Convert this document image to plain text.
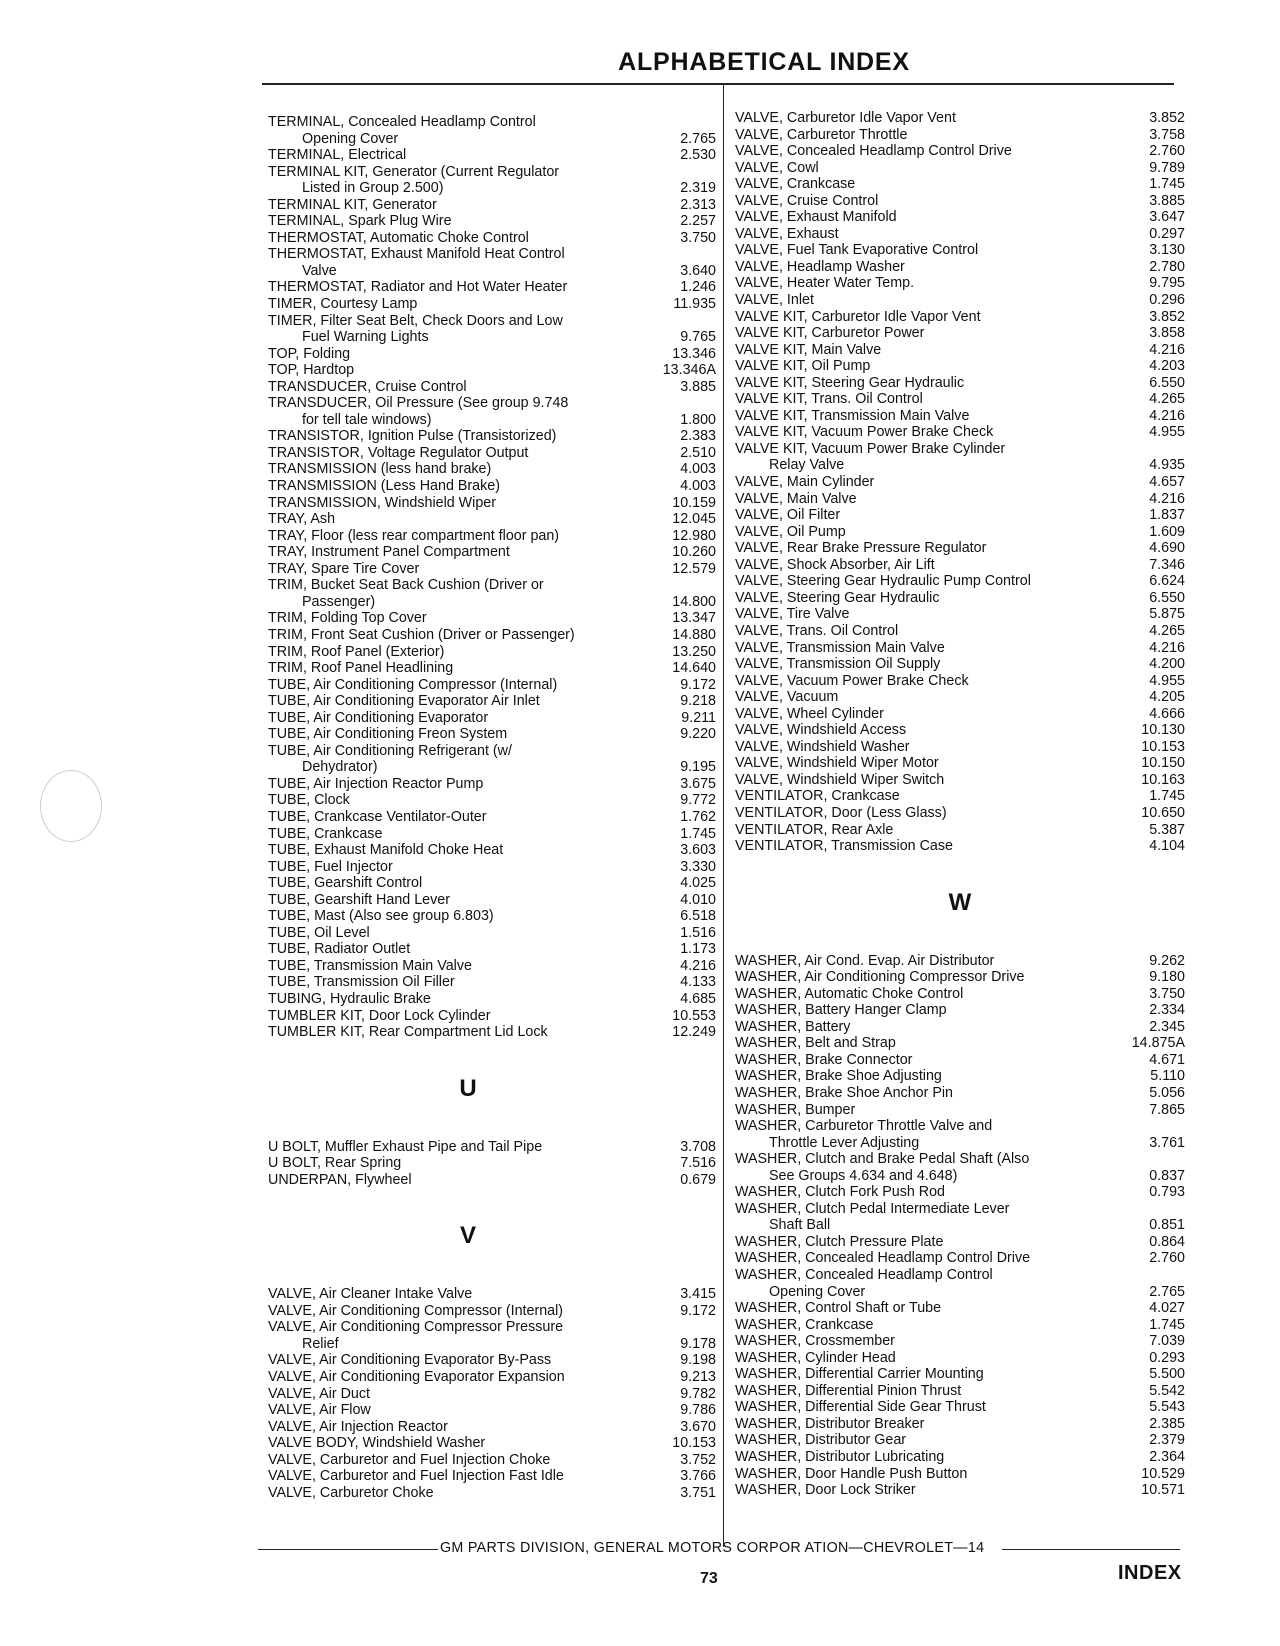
ALPHABETICAL INDEX
TERMINAL, Concealed Headlamp Control
Opening Cover	2.765
TERMINAL, Electrical	2.530
TERMINAL KIT, Generator (Current Regulator
Listed in Group 2.500)	2.319
TERMINAL KIT, Generator	2.313
TERMINAL, Spark Plug Wire	2.257
THERMOSTAT, Automatic Choke Control	3.750
THERMOSTAT, Exhaust Manifold Heat Control
Valve	3.640
THERMOSTAT, Radiator and Hot Water Heater	1.246
TIMER, Courtesy Lamp	11.935
TIMER, Filter Seat Belt, Check Doors and Low
Fuel Warning Lights	9.765
TOP, Folding	13.346
TOP, Hardtop	13.346A
TRANSDUCER, Cruise Control	3.885
TRANSDUCER, Oil Pressure (See group 9.748
for tell tale windows)	1.800
TRANSISTOR, Ignition Pulse (Transistorized)	2.383
TRANSISTOR, Voltage Regulator Output	2.510
TRANSMISSION (less hand brake)	4.003
TRANSMISSION (Less Hand Brake)	4.003
TRANSMISSION, Windshield Wiper	10.159
TRAY, Ash	12.045
TRAY, Floor (less rear compartment floor pan)	12.980
TRAY, Instrument Panel Compartment	10.260
TRAY, Spare Tire Cover	12.579
TRIM, Bucket Seat Back Cushion (Driver or
Passenger)	14.800
TRIM, Folding Top Cover	13.347
TRIM, Front Seat Cushion (Driver or Passenger)	14.880
TRIM, Roof Panel (Exterior)	13.250
TRIM, Roof Panel Headlining	14.640
TUBE, Air Conditioning Compressor (Internal)	9.172
TUBE, Air Conditioning Evaporator Air Inlet	9.218
TUBE, Air Conditioning Evaporator	9.211
TUBE, Air Conditioning Freon System	9.220
TUBE, Air Conditioning Refrigerant (w/
Dehydrator)	9.195
TUBE, Air Injection Reactor Pump	3.675
TUBE, Clock	9.772
TUBE, Crankcase Ventilator-Outer	1.762
TUBE, Crankcase	1.745
TUBE, Exhaust Manifold Choke Heat	3.603
TUBE, Fuel Injector	3.330
TUBE, Gearshift Control	4.025
TUBE, Gearshift Hand Lever	4.010
TUBE, Mast (Also see group 6.803)	6.518
TUBE, Oil Level	1.516
TUBE, Radiator Outlet	1.173
TUBE, Transmission Main Valve	4.216
TUBE, Transmission Oil Filler	4.133
TUBING, Hydraulic Brake	4.685
TUMBLER KIT, Door Lock Cylinder	10.553
TUMBLER KIT, Rear Compartment Lid Lock	12.249
U
U BOLT, Muffler Exhaust Pipe and Tail Pipe	3.708
U BOLT, Rear Spring	7.516
UNDERPAN, Flywheel	0.679
V
VALVE, Air Cleaner Intake Valve	3.415
VALVE, Air Conditioning Compressor (Internal)	9.172
VALVE, Air Conditioning Compressor Pressure
Relief	9.178
VALVE, Air Conditioning Evaporator By-Pass	9.198
VALVE, Air Conditioning Evaporator Expansion	9.213
VALVE, Air Duct	9.782
VALVE, Air Flow	9.786
VALVE, Air Injection Reactor	3.670
VALVE BODY, Windshield Washer	10.153
VALVE, Carburetor and Fuel Injection Choke	3.752
VALVE, Carburetor and Fuel Injection Fast Idle	3.766
VALVE, Carburetor Choke	3.751
VALVE, Carburetor Idle Vapor Vent	3.852
VALVE, Carburetor Throttle	3.758
VALVE, Concealed Headlamp Control Drive	2.760
VALVE, Cowl	9.789
VALVE, Crankcase	1.745
VALVE, Cruise Control	3.885
VALVE, Exhaust Manifold	3.647
VALVE, Exhaust	0.297
VALVE, Fuel Tank Evaporative Control	3.130
VALVE, Headlamp Washer	2.780
VALVE, Heater Water Temp.	9.795
VALVE, Inlet	0.296
VALVE KIT, Carburetor Idle Vapor Vent	3.852
VALVE KIT, Carburetor Power	3.858
VALVE KIT, Main Valve	4.216
VALVE KIT, Oil Pump	4.203
VALVE KIT, Steering Gear Hydraulic	6.550
VALVE KIT, Trans. Oil Control	4.265
VALVE KIT, Transmission Main Valve	4.216
VALVE KIT, Vacuum Power Brake Check	4.955
VALVE KIT, Vacuum Power Brake Cylinder
Relay Valve	4.935
VALVE, Main Cylinder	4.657
VALVE, Main Valve	4.216
VALVE, Oil Filter	1.837
VALVE, Oil Pump	1.609
VALVE, Rear Brake Pressure Regulator	4.690
VALVE, Shock Absorber, Air Lift	7.346
VALVE, Steering Gear Hydraulic Pump Control	6.624
VALVE, Steering Gear Hydraulic	6.550
VALVE, Tire Valve	5.875
VALVE, Trans. Oil Control	4.265
VALVE, Transmission Main Valve	4.216
VALVE, Transmission Oil Supply	4.200
VALVE, Vacuum Power Brake Check	4.955
VALVE, Vacuum	4.205
VALVE, Wheel Cylinder	4.666
VALVE, Windshield Access	10.130
VALVE, Windshield Washer	10.153
VALVE, Windshield Wiper Motor	10.150
VALVE, Windshield Wiper Switch	10.163
VENTILATOR, Crankcase	1.745
VENTILATOR, Door (Less Glass)	10.650
VENTILATOR, Rear Axle	5.387
VENTILATOR, Transmission Case	4.104
W
WASHER, Air Cond. Evap. Air Distributor	9.262
WASHER, Air Conditioning Compressor Drive	9.180
WASHER, Automatic Choke Control	3.750
WASHER, Battery Hanger Clamp	2.334
WASHER, Battery	2.345
WASHER, Belt and Strap	14.875A
WASHER, Brake Connector	4.671
WASHER, Brake Shoe Adjusting	5.110
WASHER, Brake Shoe Anchor Pin	5.056
WASHER, Bumper	7.865
WASHER, Carburetor Throttle Valve and
Throttle Lever Adjusting	3.761
WASHER, Clutch and Brake Pedal Shaft (Also
See Groups 4.634 and 4.648)	0.837
WASHER, Clutch Fork Push Rod	0.793
WASHER, Clutch Pedal Intermediate Lever
Shaft Ball	0.851
WASHER, Clutch Pressure Plate	0.864
WASHER, Concealed Headlamp Control Drive	2.760
WASHER, Concealed Headlamp Control
Opening Cover	2.765
WASHER, Control Shaft or Tube	4.027
WASHER, Crankcase	1.745
WASHER, Crossmember	7.039
WASHER, Cylinder Head	0.293
WASHER, Differential Carrier Mounting	5.500
WASHER, Differential Pinion Thrust	5.542
WASHER, Differential Side Gear Thrust	5.543
WASHER, Distributor Breaker	2.385
WASHER, Distributor Gear	2.379
WASHER, Distributor Lubricating	2.364
WASHER, Door Handle Push Button	10.529
WASHER, Door Lock Striker	10.571
GM PARTS DIVISION, GENERAL MOTORS CORPOR ATION—CHEVROLET—14
73	INDEX
